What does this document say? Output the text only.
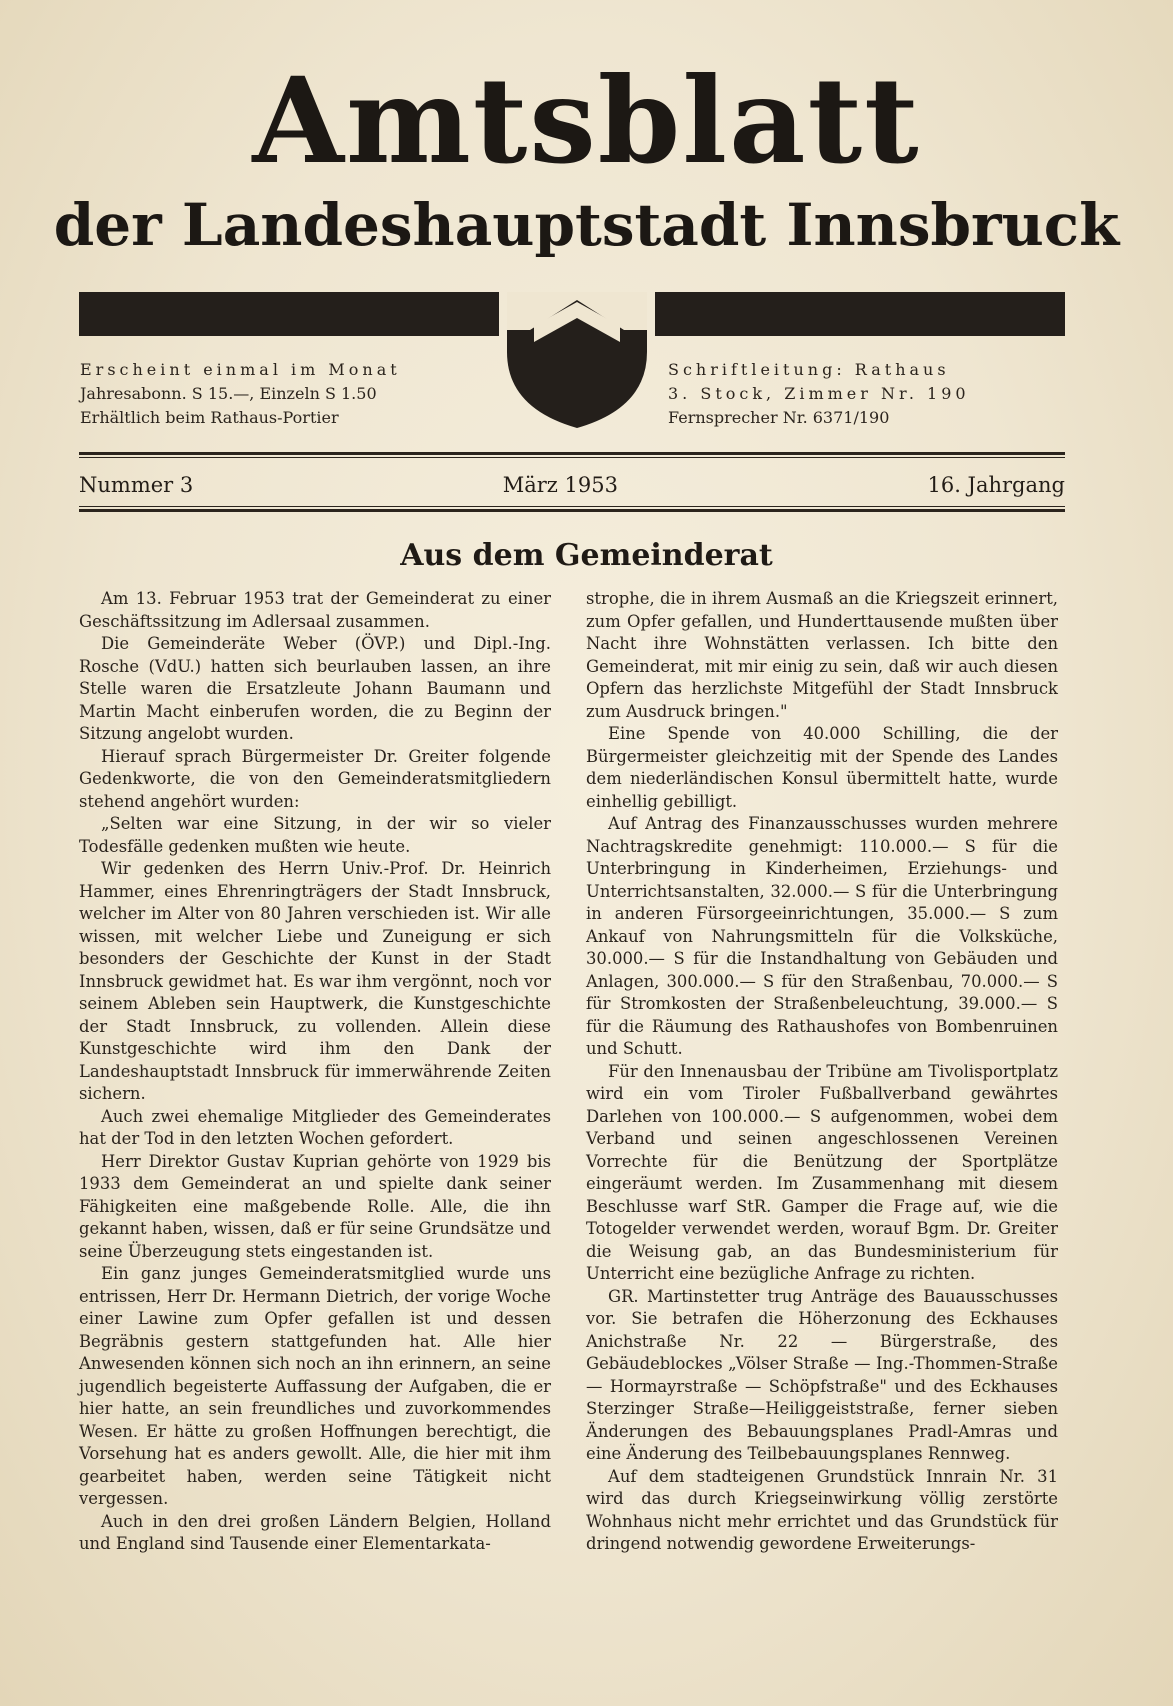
Amtsblatt
der Landeshauptstadt Innsbruck
Erscheint einmal im Monat
Jahresabonn. S 15.—, Einzeln S 1.50
Erhältlich beim Rathaus-Portier
Schriftleitung: Rathaus
3. Stock, Zimmer Nr. 190
Fernsprecher Nr. 6371/190
Nummer 3	März 1953	16. Jahrgang
Aus dem Gemeinderat

Am 13. Februar 1953 trat der Gemeinderat zu einer Geschäftssitzung im Adlersaal zusammen.

Die Gemeinderäte Weber (ÖVP.) und Dipl.-Ing. Rosche (VdU.) hatten sich beurlauben lassen, an ihre Stelle waren die Ersatzleute Johann Baumann und Martin Macht einberufen worden, die zu Beginn der Sitzung angelobt wurden.

Hierauf sprach Bürgermeister Dr. Greiter folgende Gedenkworte, die von den Gemeinderatsmitgliedern stehend angehört wurden:

„Selten war eine Sitzung, in der wir so vieler Todesfälle gedenken mußten wie heute.

Wir gedenken des Herrn Univ.-Prof. Dr. Heinrich Hammer, eines Ehrenringträgers der Stadt Innsbruck, welcher im Alter von 80 Jahren verschieden ist. Wir alle wissen, mit welcher Liebe und Zuneigung er sich besonders der Geschichte der Kunst in der Stadt Innsbruck gewidmet hat. Es war ihm vergönnt, noch vor seinem Ableben sein Hauptwerk, die Kunstgeschichte der Stadt Innsbruck, zu vollenden. Allein diese Kunstgeschichte wird ihm den Dank der Landeshauptstadt Innsbruck für immerwährende Zeiten sichern.

Auch zwei ehemalige Mitglieder des Gemeinderates hat der Tod in den letzten Wochen gefordert.

Herr Direktor Gustav Kuprian gehörte von 1929 bis 1933 dem Gemeinderat an und spielte dank seiner Fähigkeiten eine maßgebende Rolle. Alle, die ihn gekannt haben, wissen, daß er für seine Grundsätze und seine Überzeugung stets eingestanden ist.

Ein ganz junges Gemeinderatsmitglied wurde uns entrissen, Herr Dr. Hermann Dietrich, der vorige Woche einer Lawine zum Opfer gefallen ist und dessen Begräbnis gestern stattgefunden hat. Alle hier Anwesenden können sich noch an ihn erinnern, an seine jugendlich begeisterte Auffassung der Aufgaben, die er hier hatte, an sein freundliches und zuvorkommendes Wesen. Er hätte zu großen Hoffnungen berechtigt, die Vorsehung hat es anders gewollt. Alle, die hier mit ihm gearbeitet haben, werden seine Tätigkeit nicht vergessen.

Auch in den drei großen Ländern Belgien, Holland und England sind Tausende einer Elementarkata-

strophe, die in ihrem Ausmaß an die Kriegszeit erinnert, zum Opfer gefallen, und Hunderttausende mußten über Nacht ihre Wohnstätten verlassen. Ich bitte den Gemeinderat, mit mir einig zu sein, daß wir auch diesen Opfern das herzlichste Mitgefühl der Stadt Innsbruck zum Ausdruck bringen."

Eine Spende von 40.000 Schilling, die der Bürgermeister gleichzeitig mit der Spende des Landes dem niederländischen Konsul übermittelt hatte, wurde einhellig gebilligt.

Auf Antrag des Finanzausschusses wurden mehrere Nachtragskredite genehmigt: 110.000.— S für die Unterbringung in Kinderheimen, Erziehungs- und Unterrichtsanstalten, 32.000.— S für die Unterbringung in anderen Fürsorgeeinrichtungen, 35.000.— S zum Ankauf von Nahrungsmitteln für die Volksküche, 30.000.— S für die Instandhaltung von Gebäuden und Anlagen, 300.000.— S für den Straßenbau, 70.000.— S für Stromkosten der Straßenbeleuchtung, 39.000.— S für die Räumung des Rathaushofes von Bombenruinen und Schutt.

Für den Innenausbau der Tribüne am Tivolisportplatz wird ein vom Tiroler Fußballverband gewährtes Darlehen von 100.000.— S aufgenommen, wobei dem Verband und seinen angeschlossenen Vereinen Vorrechte für die Benützung der Sportplätze eingeräumt werden. Im Zusammenhang mit diesem Beschlusse warf StR. Gamper die Frage auf, wie die Totogelder verwendet werden, worauf Bgm. Dr. Greiter die Weisung gab, an das Bundesministerium für Unterricht eine bezügliche Anfrage zu richten.

GR. Martinstetter trug Anträge des Bauausschusses vor. Sie betrafen die Höherzonung des Eckhauses Anichstraße Nr. 22 — Bürgerstraße, des Gebäudeblockes „Völser Straße — Ing.-Thommen-Straße — Hormayrstraße — Schöpfstraße" und des Eckhauses Sterzinger Straße—Heiliggeiststraße, ferner sieben Änderungen des Bebauungsplanes Pradl-Amras und eine Änderung des Teilbebauungsplanes Rennweg.

Auf dem stadteigenen Grundstück Innrain Nr. 31 wird das durch Kriegseinwirkung völlig zerstörte Wohnhaus nicht mehr errichtet und das Grundstück für dringend notwendig gewordene Erweiterungs-
